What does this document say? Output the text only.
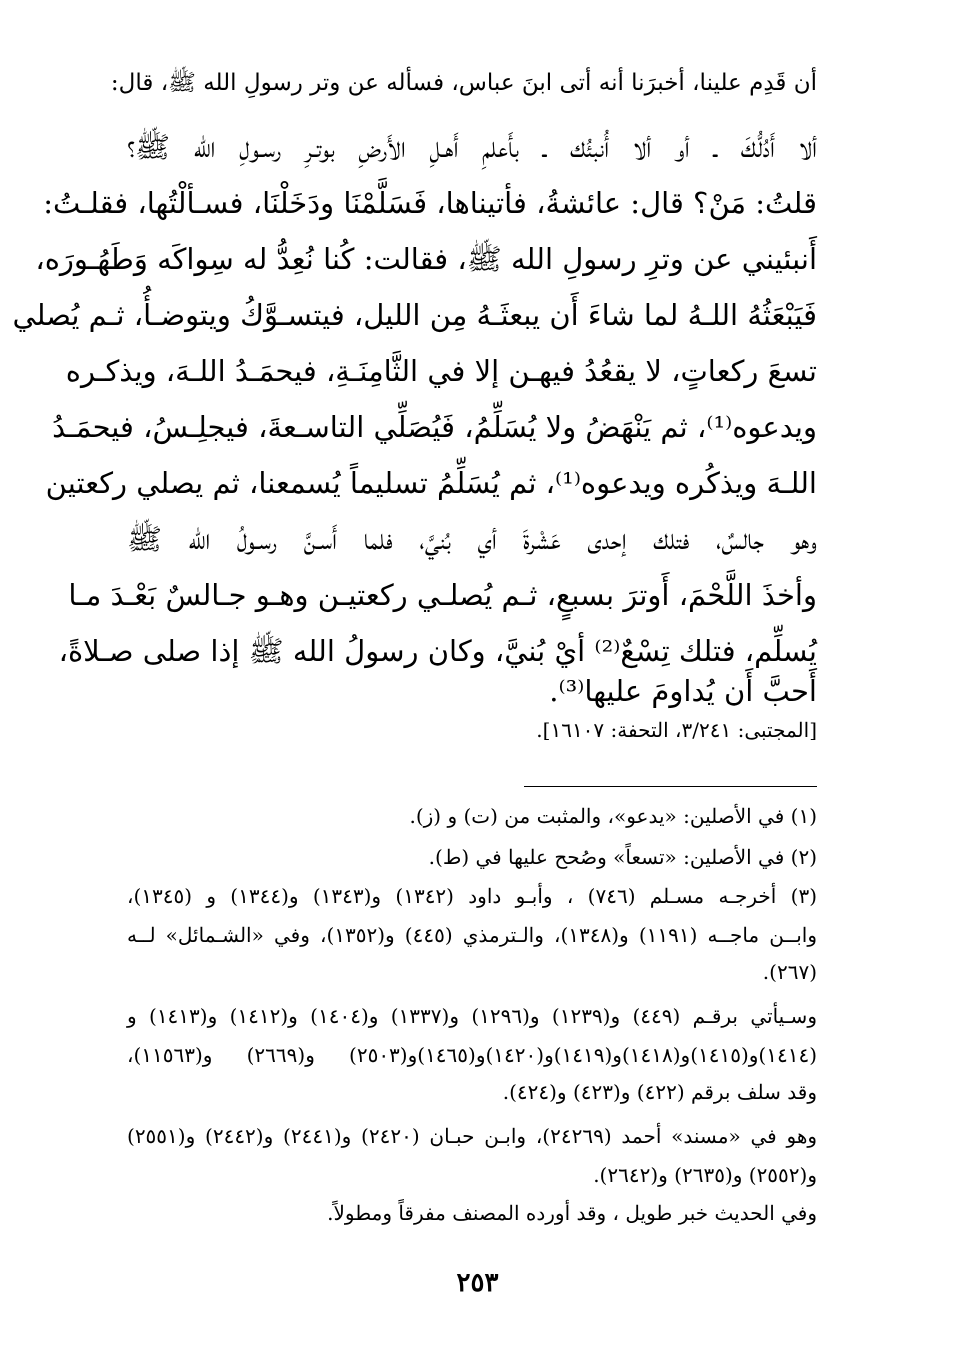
أن قَدِم علينا، أخبرَنا أنه أتى ابنَ عباس، فسأله عن وتر رسولِ الله ﷺ، قال:
ألا أَدُلُّكَ ـ أو ألا أُنبئُك ـ بأَعلمِ أَهـلِ الأَرضِ بوتـرِ رسـولِ الله ﷺ؟
قلتُ: مَنْ؟ قال: عائشةُ، فأتيناها، فَسَلَّمْنَا ودَخَلْنَا، فسـألْتُها، فقلـتُ:
أَنبئيني عن وترِ رسولِ الله ﷺ، فقالت: كُنا نُعِدُّ له سِواكَه وَطَهُـورَه،
فَيَبْعَثُهُ اللـهُ لما شاءَ أَن يبعثَـهُ مِن الليل، فيتسـوَّكُ ويتوضـأُ، ثـم يُصلي
تسعَ ركعاتٍ، لا يقعُدُ فيهـن إلا في الثَّامِنَـةِ، فيحمَـدُ اللـهَ، ويذكـره
ويدعوه⁽¹⁾، ثم يَنْهَضُ ولا يُسَلِّمُ، فَيُصَلِّي التاسـعةَ، فيجلِـسُ، فيحمَـدُ
اللـهَ ويذكُره ويدعوه⁽¹⁾، ثم يُسَلِّمُ تسليماً يُسمعنا، ثم يصلي ركعتين
وهو جالسٌ، فتلك إحدى عَشْرةَ أي بُنيَّ، فلما أَسـنَّ رسـولُ الله ﷺ
وأخذَ اللَّحْمَ، أَوترَ بسبعٍ، ثـم يُصلـي ركعتيـن وهـو جـالسٌ بَعْـدَ مـا
يُسلِّم، فتلك تِسْعٌ⁽²⁾ أيْ بُنيَّ، وكان رسولُ الله ﷺ إذا صلى صـلاةً،
أَحبَّ أَن يُداومَ عليها⁽³⁾.
[المجتبى: ٣/٢٤١، التحفة: ١٦١٠٧].
(١) في الأصلين: «يدعو»، والمثبت من (ت) و (ز).
(٢) في الأصلين: «تسعاً» وصُحح عليها في (ط).
(٣) أخرجـه مسـلم (٧٤٦) ، وأبـو داود (١٣٤٢) و(١٣٤٣) و(١٣٤٤) و (١٣٤٥)،
وابــن ماجــه (١١٩١) و(١٣٤٨)، والـترمذي (٤٤٥) و(١٣٥٢)، وفي «الشـمائل» لــه
(٢٦٧).
وسـيأتي برقـم (٤٤٩) و(١٢٣٩) و(١٢٩٦) و(١٣٣٧) و(١٤٠٤) و(١٤١٢) و(١٤١٣) و
(١٤١٤)و(١٤١٥)و(١٤١٨)و(١٤١٩)و(١٤٢٠)و(١٤٦٥)و(٢٥٠٣) و(٢٦٦٩) و(١١٥٦٣)،
وقد سلف برقم (٤٢٢) و(٤٢٣) و(٤٢٤).
وهو في «مسند» أحمد (٢٤٢٦٩)، وابـن حبـان (٢٤٢٠) و(٢٤٤١) و(٢٤٤٢) و(٢٥٥١)
و(٢٥٥٢) و(٢٦٣٥) و(٢٦٤٢).
وفي الحديث خبر طويل ، وقد أورده المصنف مفرقاً ومطولاً.
٢٥٣
